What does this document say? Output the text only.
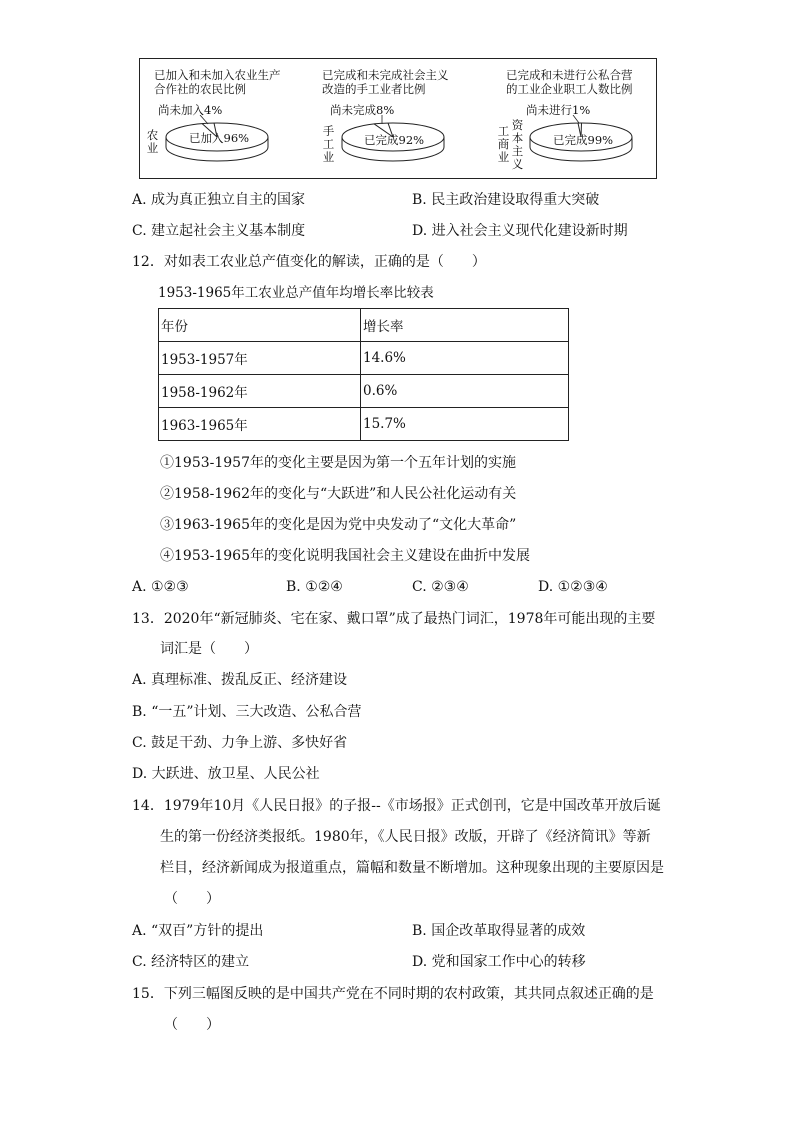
已加入和未加入农业生产
合作社的农民比例
尚未加入4%
农业
已加入96%
已完成和未完成社会主义
改造的手工业者比例
尚未完成8%
手工业
已完成92%
已完成和未进行公私合营
的工业企业职工人数比例
尚未进行1%
工商业
资本主义
已完成99%
A. 成为真正独立自主的国家	B. 民主政治建设取得重大突破
C. 建立起社会主义基本制度	D. 进入社会主义现代化建设新时期
12．对如表工农业总产值变化的解读，正确的是（　　）
1953-1965年工农业总产值年均增长率比较表
年份	增长率
1953-1957年	14.6%
1958-1962年	0.6%
1963-1965年	15.7%
①1953-1957年的变化主要是因为第一个五年计划的实施
②1958-1962年的变化与“大跃进”和人民公社化运动有关
③1963-1965年的变化是因为党中央发动了“文化大革命”
④1953-1965年的变化说明我国社会主义建设在曲折中发展
A. ①②③	B. ①②④	C. ②③④	D. ①②③④
13．2020年“新冠肺炎、宅在家、戴口罩”成了最热门词汇，1978年可能出现的主要
词汇是（　　）
A. 真理标准、拨乱反正、经济建设
B. “一五”计划、三大改造、公私合营
C. 鼓足干劲、力争上游、多快好省
D. 大跃进、放卫星、人民公社
14．1979年10月《人民日报》的子报--《市场报》正式创刊，它是中国改革开放后诞
生的第一份经济类报纸。1980年，《人民日报》改版，开辟了《经济简讯》等新
栏目，经济新闻成为报道重点，篇幅和数量不断增加。这种现象出现的主要原因是
（　　）
A. “双百”方针的提出	B. 国企改革取得显著的成效
C. 经济特区的建立	D. 党和国家工作中心的转移
15．下列三幅图反映的是中国共产党在不同时期的农村政策，其共同点叙述正确的是
（　　）
